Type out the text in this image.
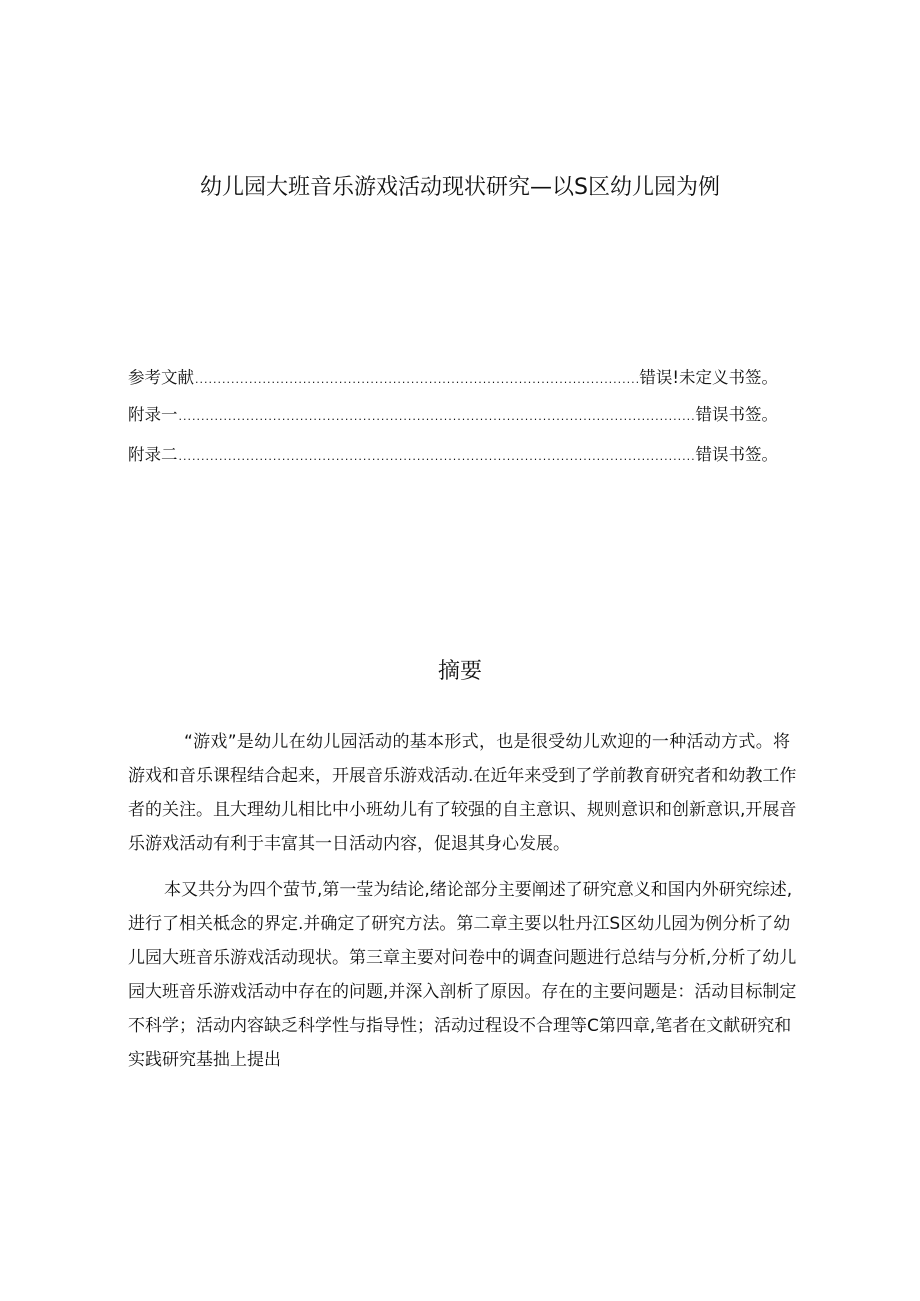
幼儿园大班音乐游戏活动现状研究—以S区幼儿园为例
参考文献 .....	错误!未定义书签。
附录一 .....	错误书签。
附录二 .....	错误书签。
摘要
“游戏”是幼儿在幼儿园活动的基本形式，也是很受幼儿欢迎的一种活动方式。将
游戏和音乐课程结合起来，开展音乐游戏活动.在近年来受到了学前教育研究者和幼教工作
者的关注。且大理幼儿相比中小班幼儿有了较强的自主意识、规则意识和创新意识,开展音
乐游戏活动有利于丰富其一日活动内容，促退其身心发展。
本又共分为四个萤节,第一莹为结论,绪论部分主要阐述了研究意义和国内外研究综述,
进行了相关柢念的界定.并确定了研究方法。第二章主要以牡丹江S区幼儿园为例分析了幼
儿园大班音乐游戏活动现状。第三章主要对问卷中的调查问题进行总结与分析,分析了幼儿
园大班音乐游戏活动中存在的问题,并深入剖析了原因。存在的主要问题是：活动目标制定
不科学；活动内容缺乏科学性与指导性；活动过程设不合理等C第四章,笔者在文献研究和
实践研究基拙上提出
